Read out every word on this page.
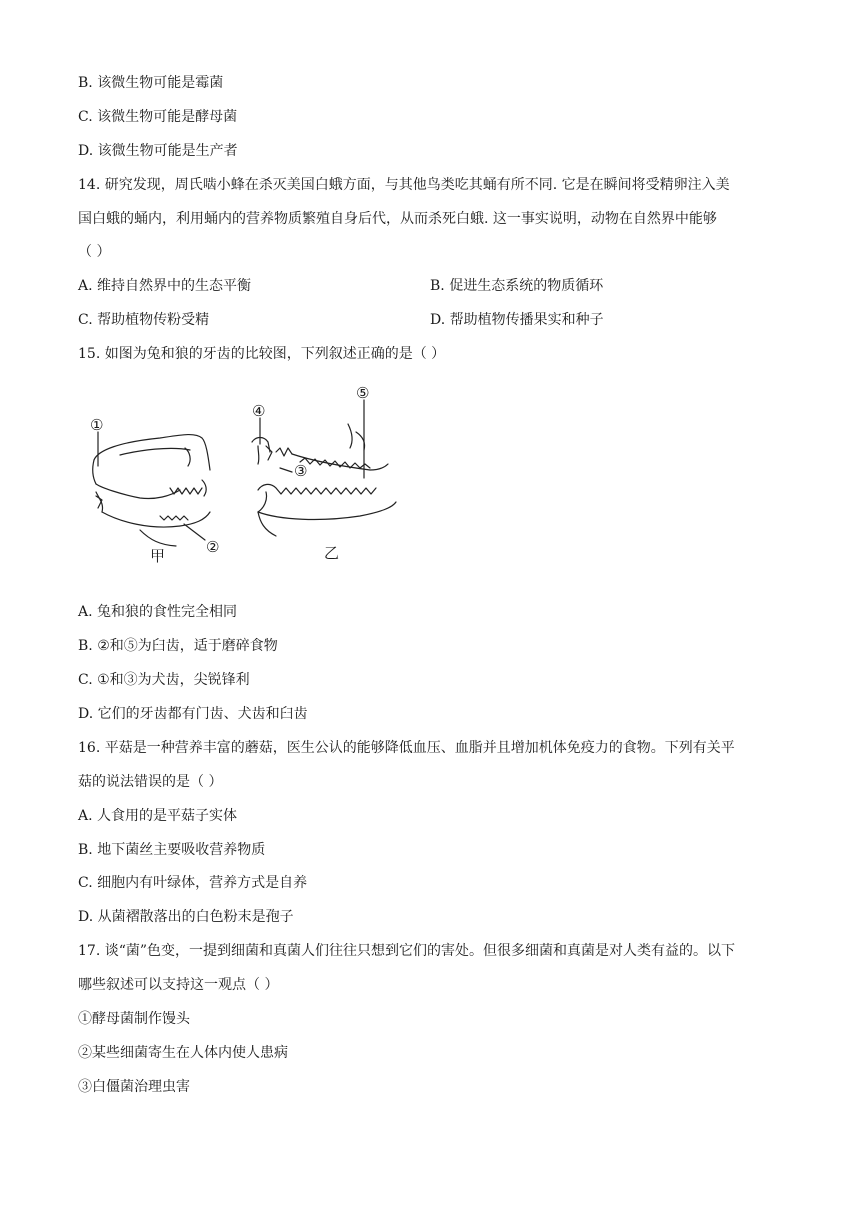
B. 该微生物可能是霉菌
C. 该微生物可能是酵母菌
D. 该微生物可能是生产者
14. 研究发现，周氏啮小蜂在杀灭美国白蛾方面，与其他鸟类吃其蛹有所不同. 它是在瞬间将受精卵注入美
国白蛾的蛹内，利用蛹内的营养物质繁殖自身后代，从而杀死白蛾. 这一事实说明，动物在自然界中能够
（ ）
A. 维持自然界中的生态平衡	B. 促进生态系统的物质循环
C. 帮助植物传粉受精	D. 帮助植物传播果实和种子
15. 如图为兔和狼的牙齿的比较图，下列叙述正确的是（ ）
①
②
③
④
⑤
甲	乙
A. 兔和狼的食性完全相同
B. ②和⑤为臼齿，适于磨碎食物
C. ①和③为犬齿，尖锐锋利
D. 它们的牙齿都有门齿、犬齿和臼齿
16. 平菇是一种营养丰富的蘑菇，医生公认的能够降低血压、血脂并且增加机体免疫力的食物。下列有关平
菇的说法错误的是（ ）
A. 人食用的是平菇子实体
B. 地下菌丝主要吸收营养物质
C. 细胞内有叶绿体，营养方式是自养
D. 从菌褶散落出的白色粉末是孢子
17. 谈“菌”色变，一提到细菌和真菌人们往往只想到它们的害处。但很多细菌和真菌是对人类有益的。以下
哪些叙述可以支持这一观点（ ）
①酵母菌制作馒头
②某些细菌寄生在人体内使人患病
③白僵菌治理虫害
